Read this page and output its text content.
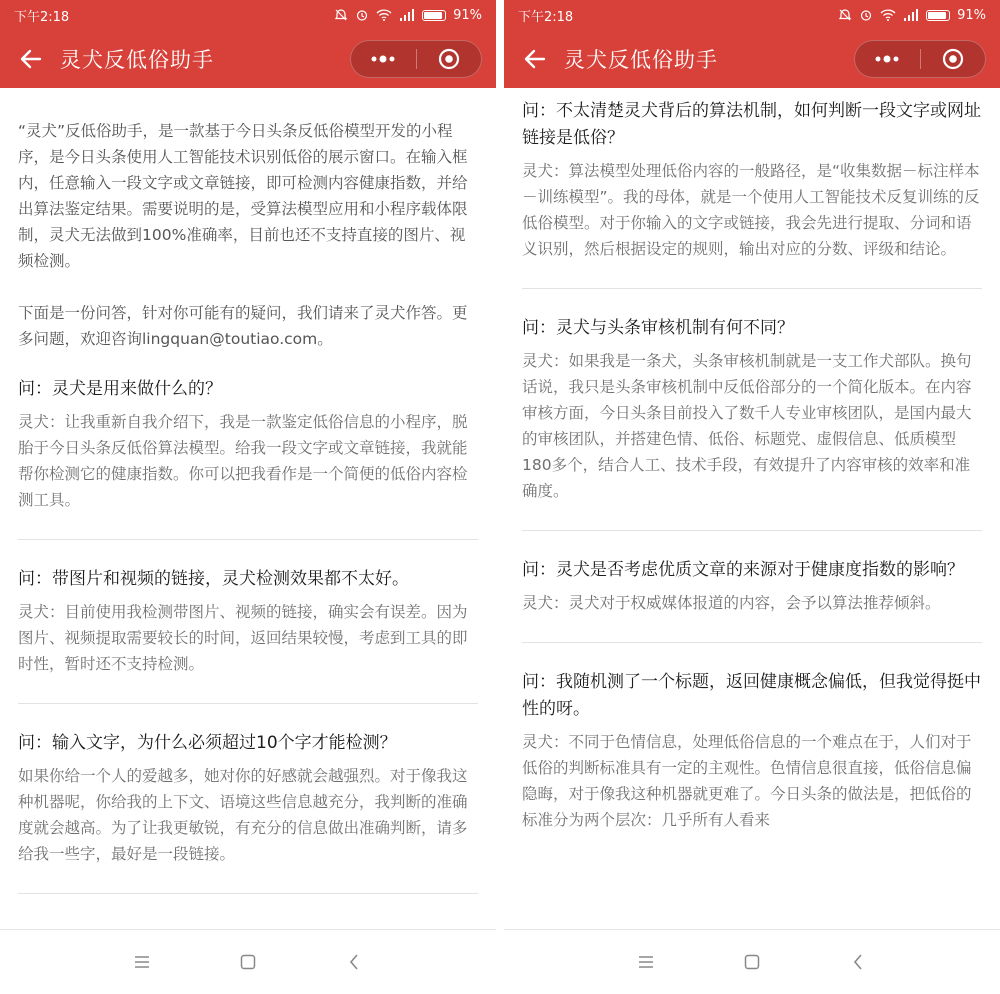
下午2:18	91%
灵犬反低俗助手

“灵犬”反低俗助手，是一款基于今日头条反低俗模型开发的小程序，是今日头条使用人工智能技术识别低俗的展示窗口。在输入框内，任意输入一段文字或文章链接，即可检测内容健康指数，并给出算法鉴定结果。需要说明的是，受算法模型应用和小程序载体限制，灵犬无法做到100%准确率，目前也还不支持直接的图片、视频检测。

下面是一份问答，针对你可能有的疑问，我们请来了灵犬作答。更多问题，欢迎咨询lingquan@toutiao.com。

问：灵犬是用来做什么的？

灵犬：让我重新自我介绍下，我是一款鉴定低俗信息的小程序，脱胎于今日头条反低俗算法模型。给我一段文字或文章链接，我就能帮你检测它的健康指数。你可以把我看作是一个简便的低俗内容检测工具。

问：带图片和视频的链接，灵犬检测效果都不太好。

灵犬：目前使用我检测带图片、视频的链接，确实会有误差。因为图片、视频提取需要较长的时间，返回结果较慢，考虑到工具的即时性，暂时还不支持检测。

问：输入文字，为什么必须超过10个字才能检测？

如果你给一个人的爱越多，她对你的好感就会越强烈。对于像我这种机器呢，你给我的上下文、语境这些信息越充分，我判断的准确度就会越高。为了让我更敏锐，有充分的信息做出准确判断，请多给我一些字，最好是一段链接。

下午2:18	91%
灵犬反低俗助手

问：不太清楚灵犬背后的算法机制，如何判断一段文字或网址链接是低俗？

灵犬：算法模型处理低俗内容的一般路径，是“收集数据－标注样本－训练模型”。我的母体，就是一个使用人工智能技术反复训练的反低俗模型。对于你输入的文字或链接，我会先进行提取、分词和语义识别，然后根据设定的规则，输出对应的分数、评级和结论。

问：灵犬与头条审核机制有何不同？

灵犬：如果我是一条犬，头条审核机制就是一支工作犬部队。换句话说，我只是头条审核机制中反低俗部分的一个简化版本。在内容审核方面，今日头条目前投入了数千人专业审核团队，是国内最大的审核团队，并搭建色情、低俗、标题党、虚假信息、低质模型180多个，结合人工、技术手段，有效提升了内容审核的效率和准确度。

问：灵犬是否考虑优质文章的来源对于健康度指数的影响？

灵犬：灵犬对于权威媒体报道的内容，会予以算法推荐倾斜。

问：我随机测了一个标题，返回健康概念偏低，但我觉得挺中性的呀。

灵犬：不同于色情信息，处理低俗信息的一个难点在于，人们对于低俗的判断标准具有一定的主观性。色情信息很直接，低俗信息偏隐晦，对于像我这种机器就更难了。今日头条的做法是，把低俗的标准分为两个层次：几乎所有人看来
